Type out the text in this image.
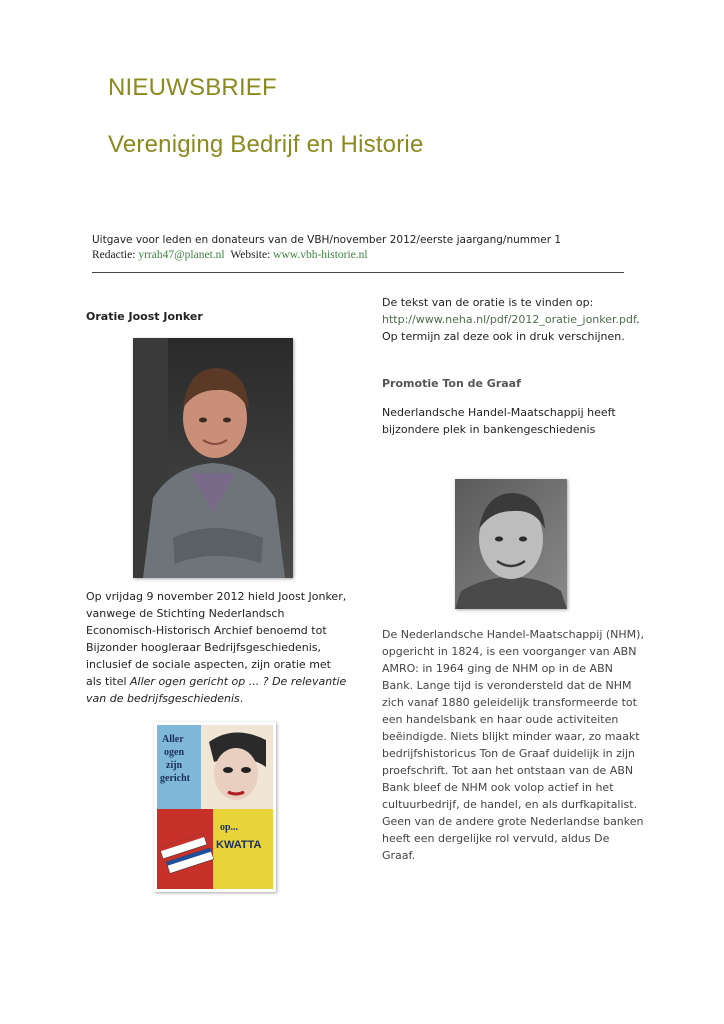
NIEUWSBRIEF
Vereniging Bedrijf en Historie
Uitgave voor leden en donateurs van de VBH/november 2012/eerste jaargang/nummer 1
Redactie: yrrah47@planet.nl Website: www.vbh-historie.nl
Oratie Joost Jonker

Op vrijdag 9 november 2012 hield Joost Jonker, vanwege de Stichting Nederlandsch Economisch-Historisch Archief benoemd tot Bijzonder hoogleraar Bedrijfsgeschiedenis, inclusief de sociale aspecten, zijn oratie met als titel Aller ogen gericht op ... ? De relevantie van de bedrijfsgeschiedenis.

Aller
ogen
zijn
gericht
op...
KWATTA

De tekst van de oratie is te vinden op: http://www.neha.nl/pdf/2012_oratie_jonker.pdf. Op termijn zal deze ook in druk verschijnen.

Promotie Ton de Graaf

Nederlandsche Handel-Maatschappij heeft bijzondere plek in bankengeschiedenis

De Nederlandsche Handel-Maatschappij (NHM), opgericht in 1824, is een voorganger van ABN AMRO: in 1964 ging de NHM op in de ABN Bank. Lange tijd is verondersteld dat de NHM zich vanaf 1880 geleidelijk transformeerde tot een handelsbank en haar oude activiteiten beëindigde. Niets blijkt minder waar, zo maakt bedrijfshistoricus Ton de Graaf duidelijk in zijn proefschrift. Tot aan het ontstaan van de ABN Bank bleef de NHM ook volop actief in het cultuurbedrijf, de handel, en als durfkapitalist. Geen van de andere grote Nederlandse banken heeft een dergelijke rol vervuld, aldus De Graaf.
